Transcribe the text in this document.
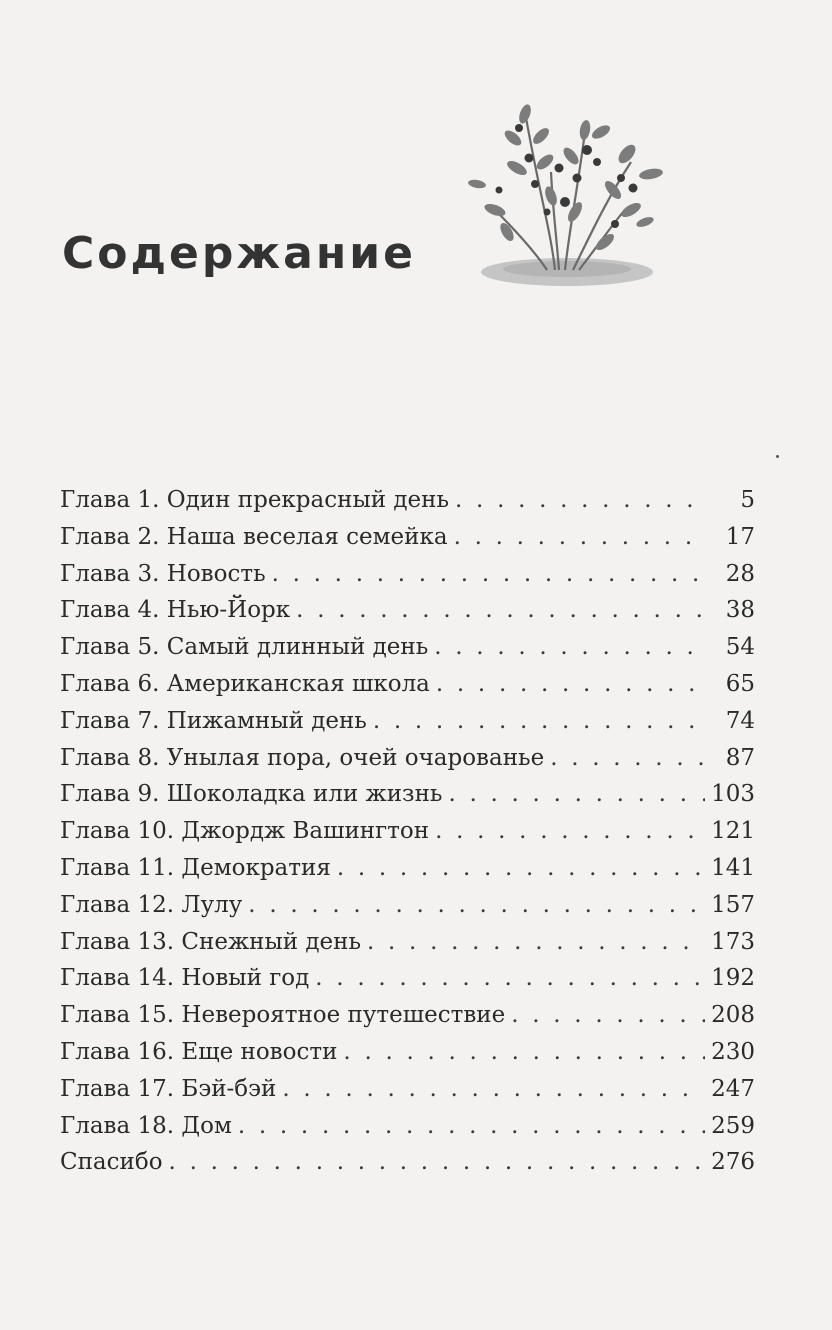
Содержание
Глава 1. Один прекрасный день . . .	5
Глава 2. Наша веселая семейка . . .	17
Глава 3. Новость . . .	28
Глава 4. Нью-Йорк . . .	38
Глава 5. Самый длинный день . . .	54
Глава 6. Американская школа . . .	65
Глава 7. Пижамный день . . .	74
Глава 8. Унылая пора, очей очарованье . . .	87
Глава 9. Шоколадка или жизнь . . .	103
Глава 10. Джордж Вашингтон . . .	121
Глава 11. Демократия . . .	141
Глава 12. Лулу . . .	157
Глава 13. Снежный день . . .	173
Глава 14. Новый год . . .	192
Глава 15. Невероятное путешествие . . .	208
Глава 16. Еще новости . . .	230
Глава 17. Бэй-бэй . . .	247
Глава 18. Дом . . .	259
Спасибо . . .	276
